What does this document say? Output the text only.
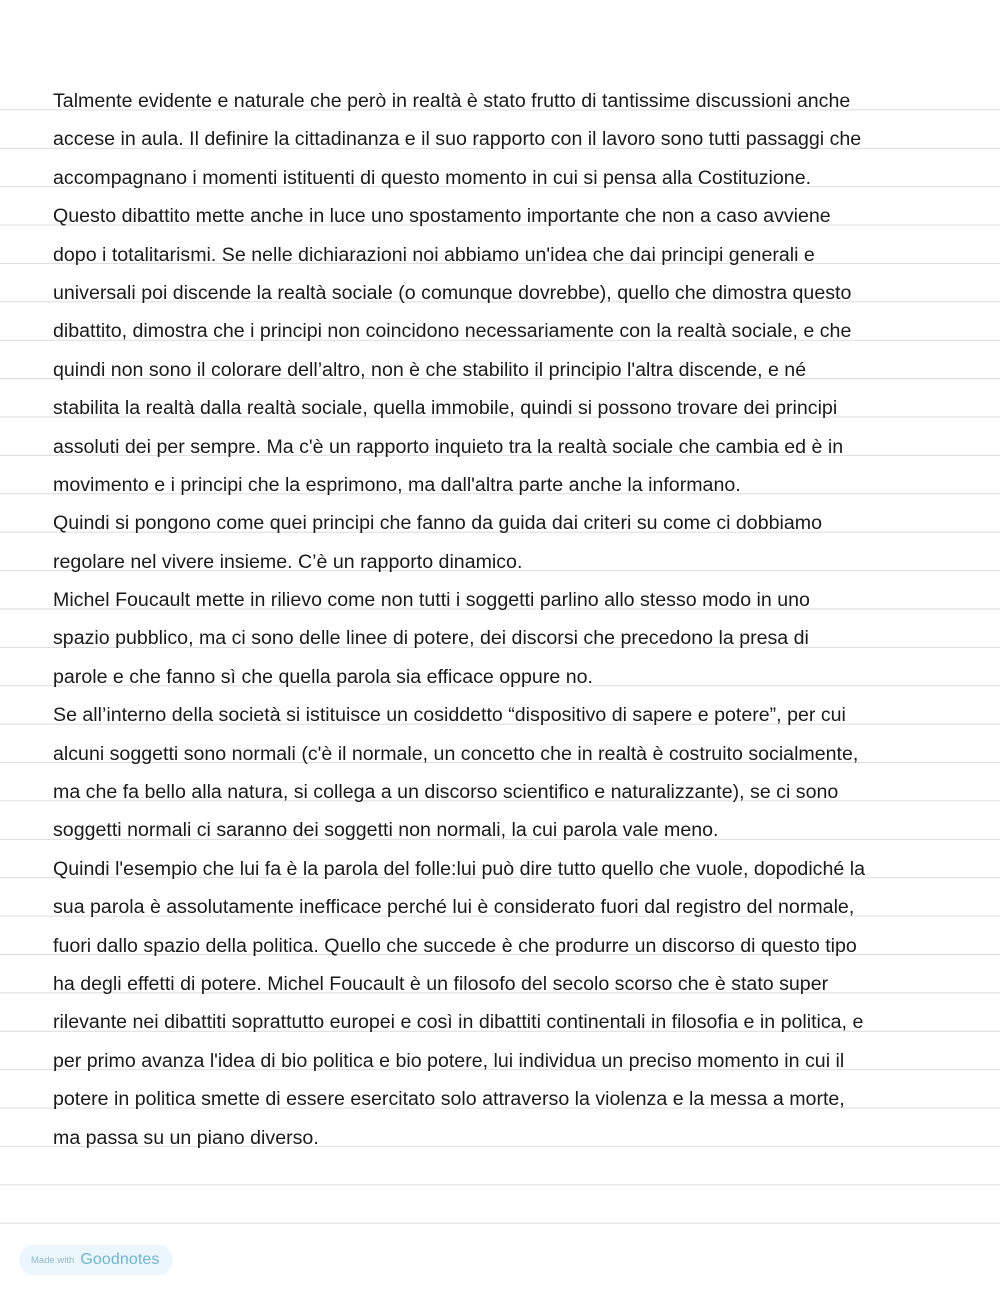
Talmente evidente e naturale che però in realtà è stato frutto di tantissime discussioni anche
accese in aula. Il definire la cittadinanza e il suo rapporto con il lavoro sono tutti passaggi che
accompagnano i momenti istituenti di questo momento in cui si pensa alla Costituzione.
Questo dibattito mette anche in luce uno spostamento importante che non a caso avviene
dopo i totalitarismi. Se nelle dichiarazioni noi abbiamo un'idea che dai principi generali e
universali poi discende la realtà sociale (o comunque dovrebbe), quello che dimostra questo
dibattito, dimostra che i principi non coincidono necessariamente con la realtà sociale, e che
quindi non sono il colorare dell’altro, non è che stabilito il principio l'altra discende, e né
stabilita la realtà dalla realtà sociale, quella immobile, quindi si possono trovare dei principi
assoluti dei per sempre. Ma c'è un rapporto inquieto tra la realtà sociale che cambia ed è in
movimento e i principi che la esprimono, ma dall'altra parte anche la informano.
Quindi si pongono come quei principi che fanno da guida dai criteri su come ci dobbiamo
regolare nel vivere insieme. C’è un rapporto dinamico.
Michel Foucault mette in rilievo come non tutti i soggetti parlino allo stesso modo in uno
spazio pubblico, ma ci sono delle linee di potere, dei discorsi che precedono la presa di
parole e che fanno sì che quella parola sia efficace oppure no.
Se all’interno della società si istituisce un cosiddetto “dispositivo di sapere e potere”, per cui
alcuni soggetti sono normali (c'è il normale, un concetto che in realtà è costruito socialmente,
ma che fa bello alla natura, si collega a un discorso scientifico e naturalizzante), se ci sono
soggetti normali ci saranno dei soggetti non normali, la cui parola vale meno.
Quindi l'esempio che lui fa è la parola del folle:lui può dire tutto quello che vuole, dopodiché la
sua parola è assolutamente inefficace perché lui è considerato fuori dal registro del normale,
fuori dallo spazio della politica. Quello che succede è che produrre un discorso di questo tipo
ha degli effetti di potere. Michel Foucault è un filosofo del secolo scorso che è stato super
rilevante nei dibattiti soprattutto europei e così in dibattiti continentali in filosofia e in politica, e
per primo avanza l'idea di bio politica e bio potere, lui individua un preciso momento in cui il
potere in politica smette di essere esercitato solo attraverso la violenza e la messa a morte,
ma passa su un piano diverso.
Made with Goodnotes
